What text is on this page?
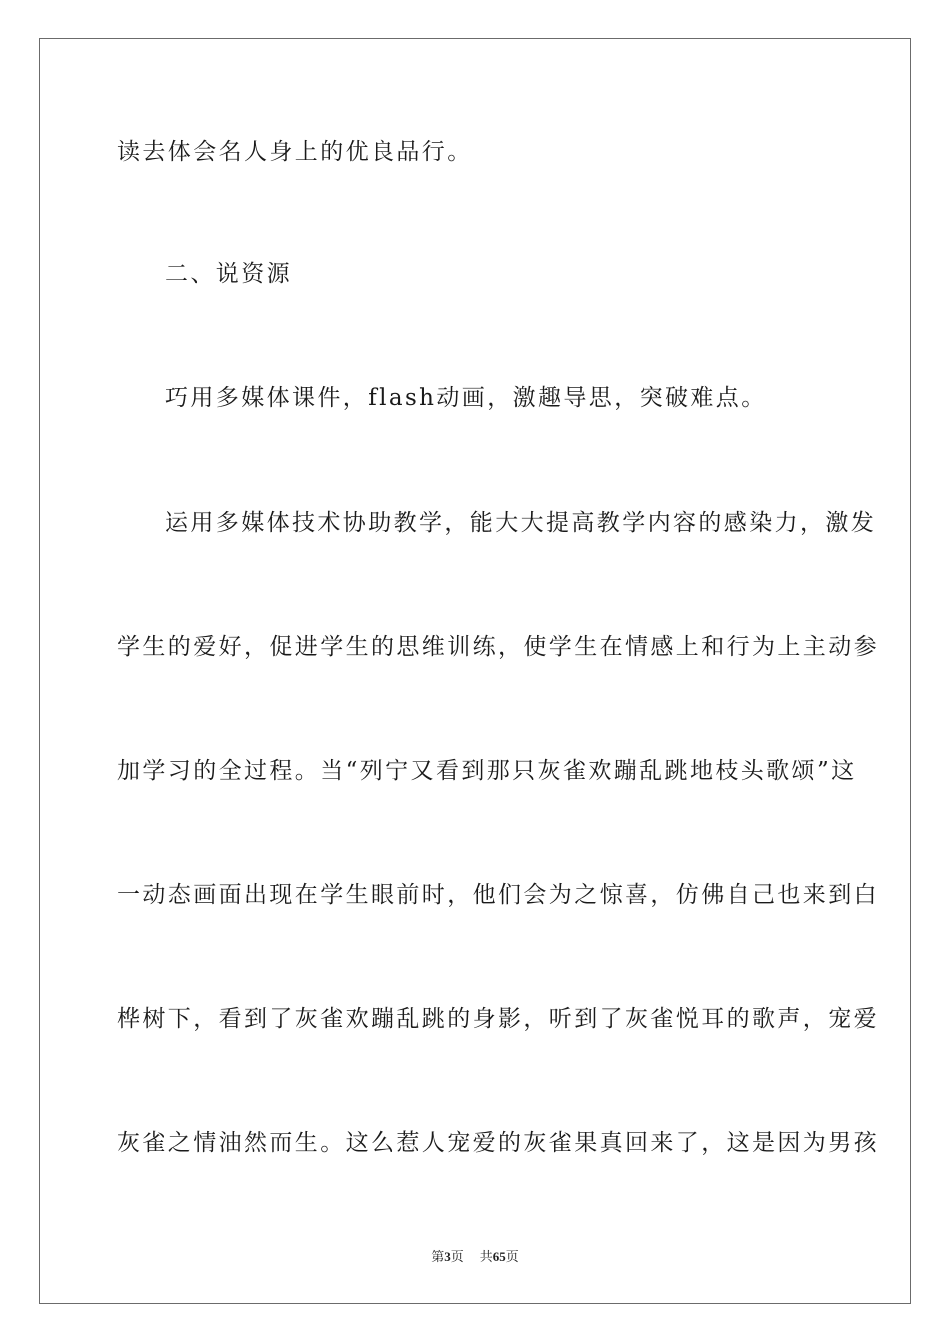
读去体会名人身上的优良品行。
二、说资源
巧用多媒体课件，flash动画，激趣导思，突破难点。
运用多媒体技术协助教学，能大大提高教学内容的感染力，激发
学生的爱好，促进学生的思维训练，使学生在情感上和行为上主动参
加学习的全过程。当“列宁又看到那只灰雀欢蹦乱跳地枝头歌颂”这
一动态画面出现在学生眼前时，他们会为之惊喜，仿佛自己也来到白
桦树下，看到了灰雀欢蹦乱跳的身影，听到了灰雀悦耳的歌声，宠爱
灰雀之情油然而生。这么惹人宠爱的灰雀果真回来了，这是因为男孩
第3页 共65页
